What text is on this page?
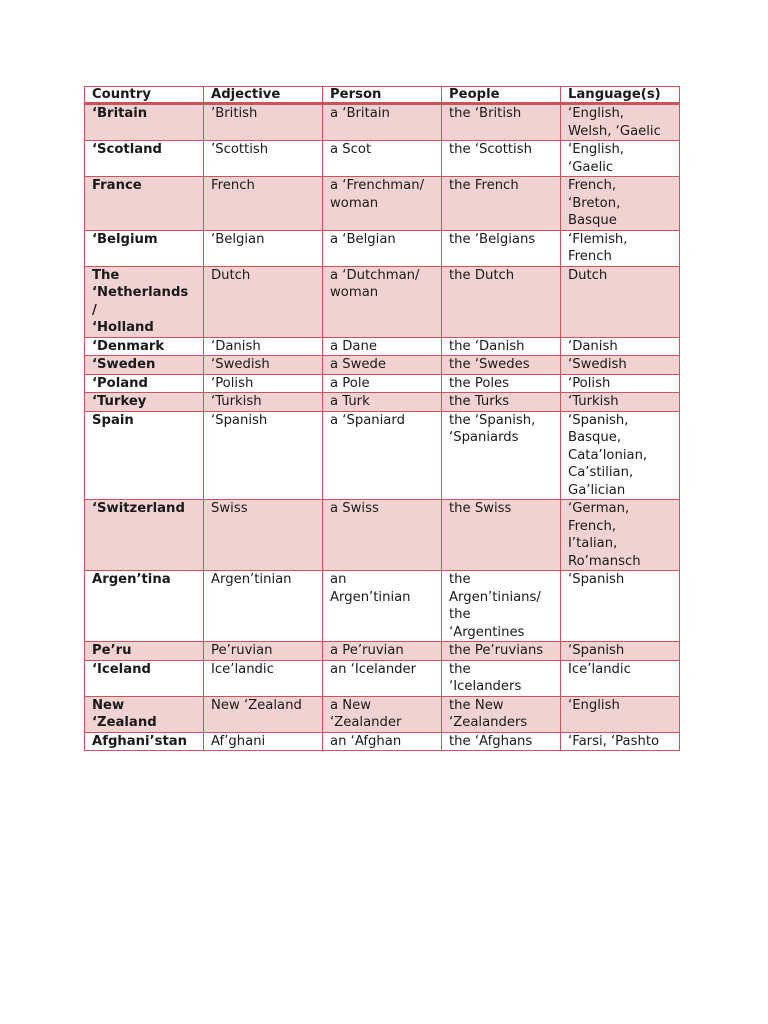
Country	Adjective	Person	People	Language(s)

‘Britain	’British	a ‘Britain	the ‘British	‘English,
Welsh, ‘Gaelic

‘Scotland	’Scottish	a Scot	the ‘Scottish	‘English,
‘Gaelic

France	French	a ‘Frenchman/
woman	the French	French,
‘Breton,
Basque

‘Belgium	‘Belgian	a ‘Belgian	the ‘Belgians	‘Flemish,
French

The
‘Netherlands
/
‘Holland	Dutch	a ‘Dutchman/
woman	the Dutch	Dutch

‘Denmark	‘Danish	a Dane	the ‘Danish	‘Danish

‘Sweden	‘Swedish	a Swede	the ‘Swedes	‘Swedish

‘Poland	‘Polish	a Pole	the Poles	‘Polish

‘Turkey	‘Turkish	a Turk	the Turks	‘Turkish

Spain	‘Spanish	a ‘Spaniard	the ‘Spanish,
‘Spaniards	‘Spanish,
Basque,
Cata’lonian,
Ca’stilian,
Ga’lician

‘Switzerland	Swiss	a Swiss	the Swiss	‘German,
French,
I’talian,
Ro’mansch

Argen’tina	Argen’tinian	an
Argen’tinian	the
Argen’tinians/
the
‘Argentines	‘Spanish

Pe’ru	Pe’ruvian	a Pe’ruvian	the Pe’ruvians	‘Spanish

‘Iceland	Ice’landic	an ‘Icelander	the
‘Icelanders	Ice’landic

New
‘Zealand	New ‘Zealand	a New
‘Zealander	the New
‘Zealanders	‘English

Afghani’stan	Af’ghani	an ‘Afghan	the ‘Afghans	‘Farsi, ‘Pashto
